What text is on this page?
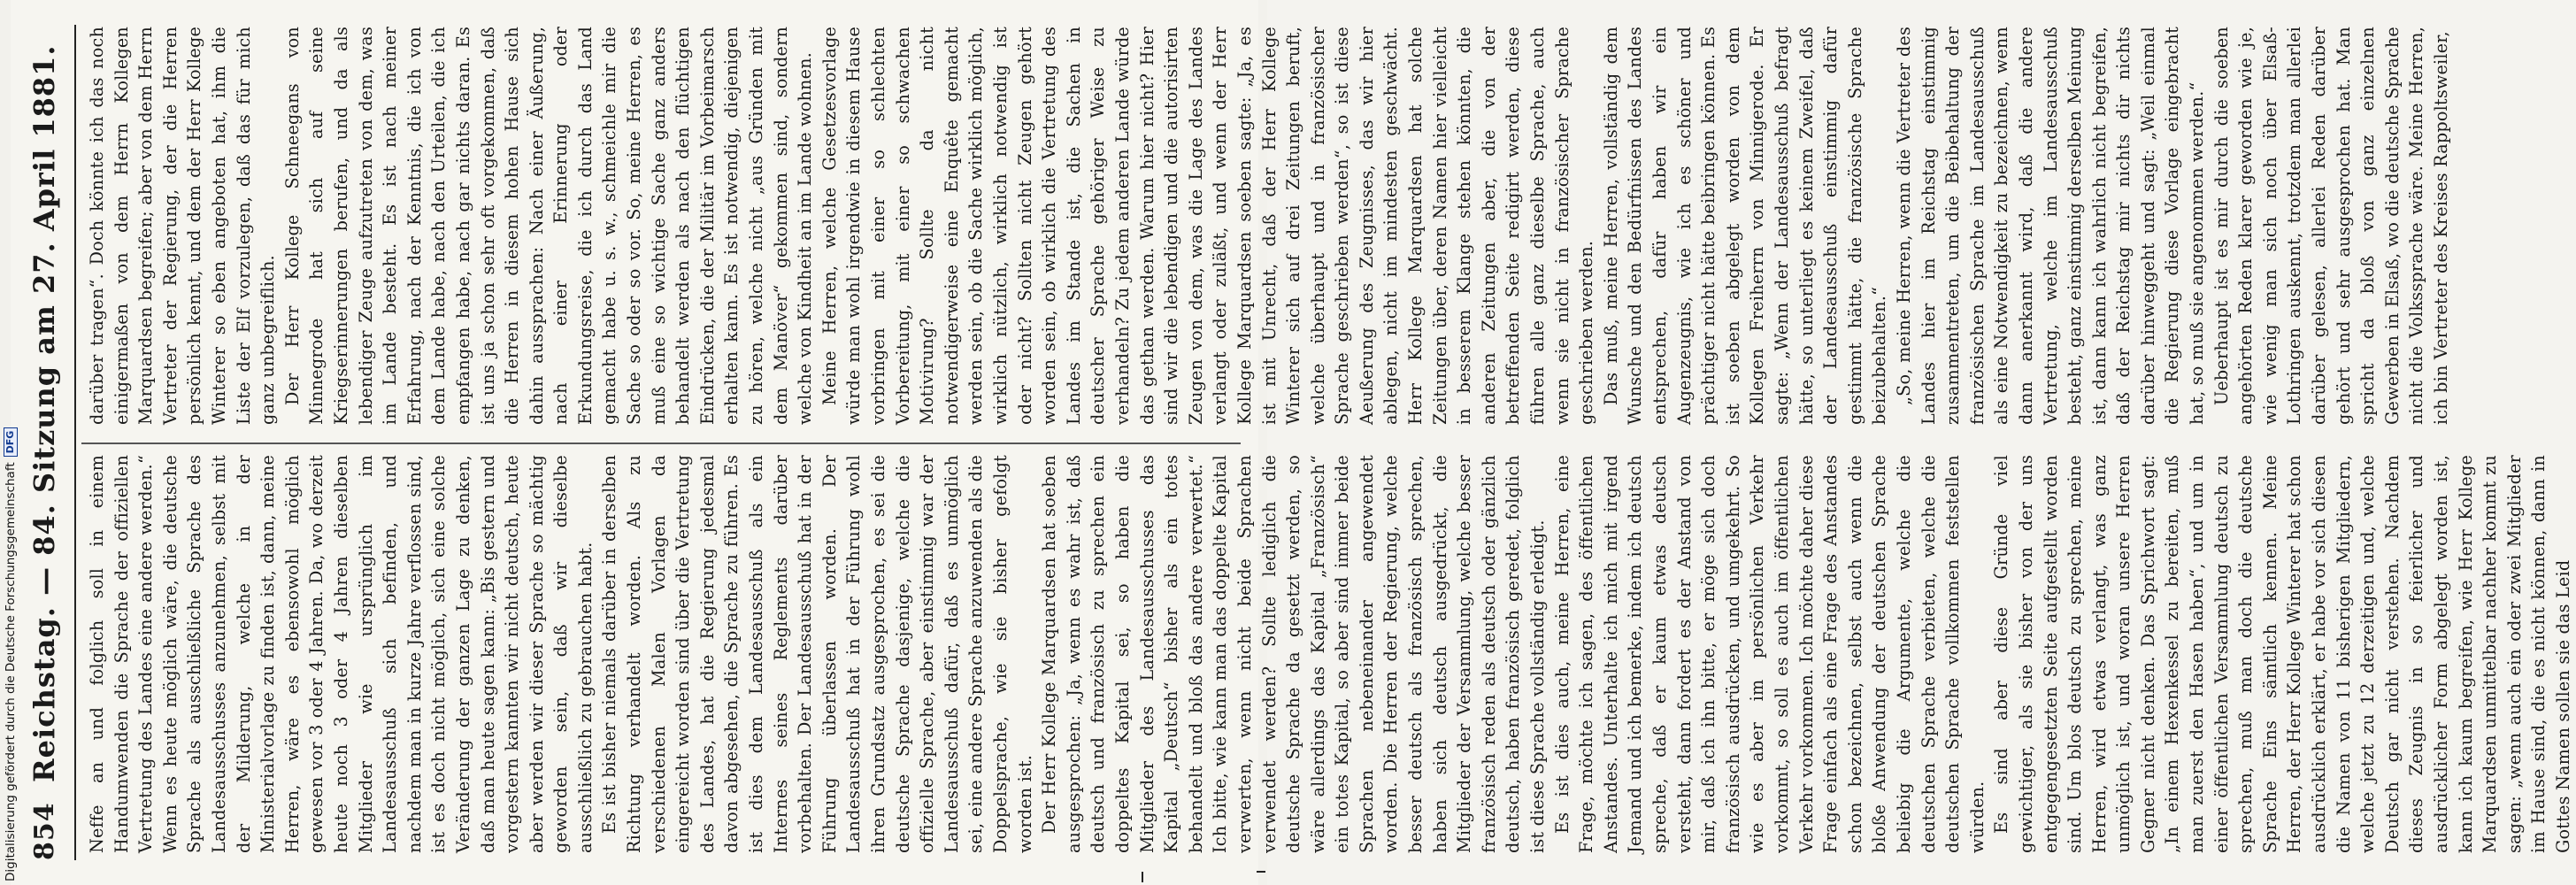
854
Reichstag. — 84. Sitzung am 27. April 1881. Neffe an und folglich soll in einem Handumwenden die Sprache der offiziellen Vertretung des Landes eine andere werden.“ Wenn es heute möglich wäre, die deutsche Sprache als ausschließliche Sprache des Landesausschusses anzunehmen, selbst mit der Milderung, welche in der Ministerialvorlage zu finden ist, dann, meine Herren, wäre es ebensowohl möglich gewesen vor 3 oder 4 Jahren. Da, wo derzeit heute noch 3 oder 4 Jahren dieselben Mitglieder wie ursprünglich im Landesausschuß sich befinden, und nachdem man in kurze Jahre verflossen sind, ist es doch nicht möglich, sich eine solche Veränderung der ganzen Lage zu denken, daß man heute sagen kann: „Bis gestern und vorgestern kannten wir nicht deutsch, heute aber werden wir dieser Sprache so mächtig geworden sein, daß wir dieselbe ausschließlich zu gebrauchen habt. Es ist bisher niemals darüber in derselben Richtung verhandelt worden. Als zu verschiedenen Malen Vorlagen da eingereicht worden sind über die Vertretung des Landes, hat die Regierung jedesmal davon abgesehen, die Sprache zu führen. Es ist dies dem Landesausschuß als ein Internes seines Reglements darüber vorbehalten. Der Landesausschuß hat in der Führung überlassen worden. Der Landesausschuß hat in der Führung wohl ihren Grundsatz ausgesprochen, es sei die deutsche Sprache dasjenige, welche die offizielle Sprache, aber einstimmig war der Landesausschuß dafür, daß es unmöglich sei, eine andere Sprache anzuwenden als die Doppelsprache, wie sie bisher gefolgt worden ist. Der Herr Kollege Marquardsen hat soeben ausgesprochen: „Ja, wenn es wahr ist, daß deutsch und französisch zu sprechen ein doppeltes Kapital sei, so haben die Mitglieder des Landesausschusses das Kapital „Deutsch“ bisher als ein totes behandelt und bloß das andere verwertet.“ Ich bitte, wie kann man das doppelte Kapital verwerten, wenn nicht beide Sprachen verwendet werden? Sollte lediglich die deutsche Sprache da gesetzt werden, so wäre allerdings das Kapital „Französisch“ ein totes Kapital, so aber sind immer beide Sprachen nebeneinander angewendet worden. Die Herren der Regierung, welche besser deutsch als französisch sprechen, haben sich deutsch ausgedrückt, die Mitglieder der Versammlung, welche besser französisch reden als deutsch oder gänzlich deutsch, haben französisch geredet, folglich ist diese Sprache vollständig erledigt. Es ist dies auch, meine Herren, eine Frage, möchte ich sagen, des öffentlichen Anstandes. Unterhalte ich mich mit irgend Jemand und ich bemerke, indem ich deutsch spreche, daß er kaum etwas deutsch versteht, dann fordert es der Anstand von mir, daß ich ihn bitte, er möge sich doch französisch ausdrücken, und umgekehrt. So wie es aber im persönlichen Verkehr vorkommt, so soll es auch im öffentlichen Verkehr vorkommen. Ich möchte daher diese Frage einfach als eine Frage des Anstandes schon bezeichnen, selbst auch wenn die bloße Anwendung der deutschen Sprache beliebig die Argumente, welche die deutschen Sprache verbieten, welche die deutschen Sprache vollkommen feststellen würden. Es sind aber diese Gründe viel gewichtiger, als sie bisher von der uns entgegengesetzten Seite aufgestellt worden sind. Um blos deutsch zu sprechen, meine Herren, wird etwas verlangt, was ganz unmöglich ist, und woran unsere Herren Gegner nicht denken. Das Sprichwort sagt: „In einem Hexenkessel zu bereiten, muß man zuerst den Hasen haben“, und um in einer öffentlichen Versammlung deutsch zu sprechen, muß man doch die deutsche Sprache Eins sämtlich kennen. Meine Herren, der Herr Kollege Winterer hat schon ausdrücklich erklärt, er habe vor sich diesen die Namen von 11 bisherigen Mitgliedern, welche jetzt zu 12 derzeitigen und, welche Deutsch gar nicht verstehen. Nachdem dieses Zeugnis in so feierlicher und ausdrücklicher Form abgelegt worden ist, kann ich kaum begreifen, wie Herr Kollege Marquardsen unmittelbar nachher kommt zu sagen: „wenn auch ein oder zwei Mitglieder im Hause sind, die es nicht können, dann in Gottes Namen sollen sie das Leid

darüber tragen“. Doch könnte ich das noch einigermaßen von dem Herrn Kollegen Marquardsen begreifen; aber von dem Herrn Vertreter der Regierung, der die Herren persönlich kennt, und dem der Herr Kollege Winterer so eben angeboten hat, ihm die Liste der Elf vorzulegen, daß das für mich ganz unbegreiflich. Der Herr Kollege Schneegans von Minnegrode hat sich auf seine Kriegserinnerungen berufen, und da als lebendiger Zeuge aufzutreten von dem, was im Lande besteht. Es ist nach meiner Erfahrung, nach der Kenntnis, die ich von dem Lande habe, nach den Urteilen, die ich empfangen habe, nach gar nichts daran. Es ist uns ja schon sehr oft vorgekommen, daß die Herren in diesem hohen Hause sich dahin aussprachen: Nach einer Äußerung, nach einer Erinnerung oder Erkundungsreise, die ich durch das Land gemacht habe u. s. w., schmeichle mir die Sache so oder so vor. So, meine Herren, es muß eine so wichtige Sache ganz anders behandelt werden als nach den flüchtigen Eindrücken, die der Militär im Vorbeimarsch erhalten kann. Es ist notwendig, diejenigen zu hören, welche nicht „aus Gründen mit dem Manöver“ gekommen sind, sondern welche von Kindheit an im Lande wohnen. Meine Herren, welche Gesetzesvorlage würde man wohl irgendwie in diesem Hause vorbringen mit einer so schlechten Vorbereitung, mit einer so schwachen Motivirung? Sollte da nicht notwendigerweise eine Enquête gemacht werden sein, ob die Sache wirklich möglich, wirklich nützlich, wirklich notwendig ist oder nicht? Sollten nicht Zeugen gehört worden sein, ob wirklich die Vertretung des Landes im Stande ist, die Sachen in deutscher Sprache gehöriger Weise zu verhandeln? Zu jedem anderen Lande würde das gethan werden. Warum hier nicht? Hier sind wir die lebendigen und die autorisirten Zeugen von dem, was die Lage des Landes verlangt oder zuläßt, und wenn der Herr Kollege Marquardsen soeben sagte: „Ja, es ist mit Unrecht, daß der Herr Kollege Winterer sich auf drei Zeitungen beruft, welche überhaupt und in französischer Sprache geschrieben werden“, so ist diese Aeußerung des Zeugnisses, das wir hier ablegen, nicht im mindesten geschwächt. Herr Kollege Marquardsen hat solche Zeitungen über, deren Namen hier vielleicht in besserem Klange stehen könnten, die anderen Zeitungen aber, die von der betreffenden Seite redigirt werden, diese führen alle ganz dieselbe Sprache, auch wenn sie nicht in französischer Sprache geschrieben werden. Das muß, meine Herren, vollständig dem Wunsche und den Bedürfnissen des Landes entsprechen, dafür haben wir ein Augenzeugnis, wie ich es schöner und prächtiger nicht hätte beibringen können. Es ist soeben abgelegt worden von dem Kollegen Freiherrn von Minnigerode. Er sagte: „Wenn der Landesausschuß befragt hätte, so unterliegt es keinem Zweifel, daß der Landesausschuß einstimmig dafür gestimmt hätte, die französische Sprache beizubehalten.“ „So, meine Herren, wenn die Vertreter des Landes hier im Reichstag einstimmig zusammentreten, um die Beibehaltung der französischen Sprache im Landesausschuß als eine Notwendigkeit zu bezeichnen, wenn dann anerkannt wird, daß die andere Vertretung, welche im Landesausschuß besteht, ganz einstimmig derselben Meinung ist, dann kann ich wahrlich nicht begreifen, daß der Reichstag mir nichts dir nichts darüber hinweggeht und sagt: „Weil einmal die Regierung diese Vorlage eingebracht hat, so muß sie angenommen werden.“ Ueberhaupt ist es mir durch die soeben angehörten Reden klarer geworden wie je, wie wenig man sich noch über Elsaß-Lothringen auskennt, trotzdem man allerlei darüber gelesen, allerlei Reden darüber gehört und sehr ausgesprochen hat. Man spricht da bloß von ganz einzelnen Gewerben in Elsaß, wo die deutsche Sprache nicht die Volkssprache wäre. Meine Herren, ich bin Vertreter des Kreises Rappoltsweiler,

Digitalisierung gefördert durch die Deutsche Forschungsgemeinschaft
DFG
